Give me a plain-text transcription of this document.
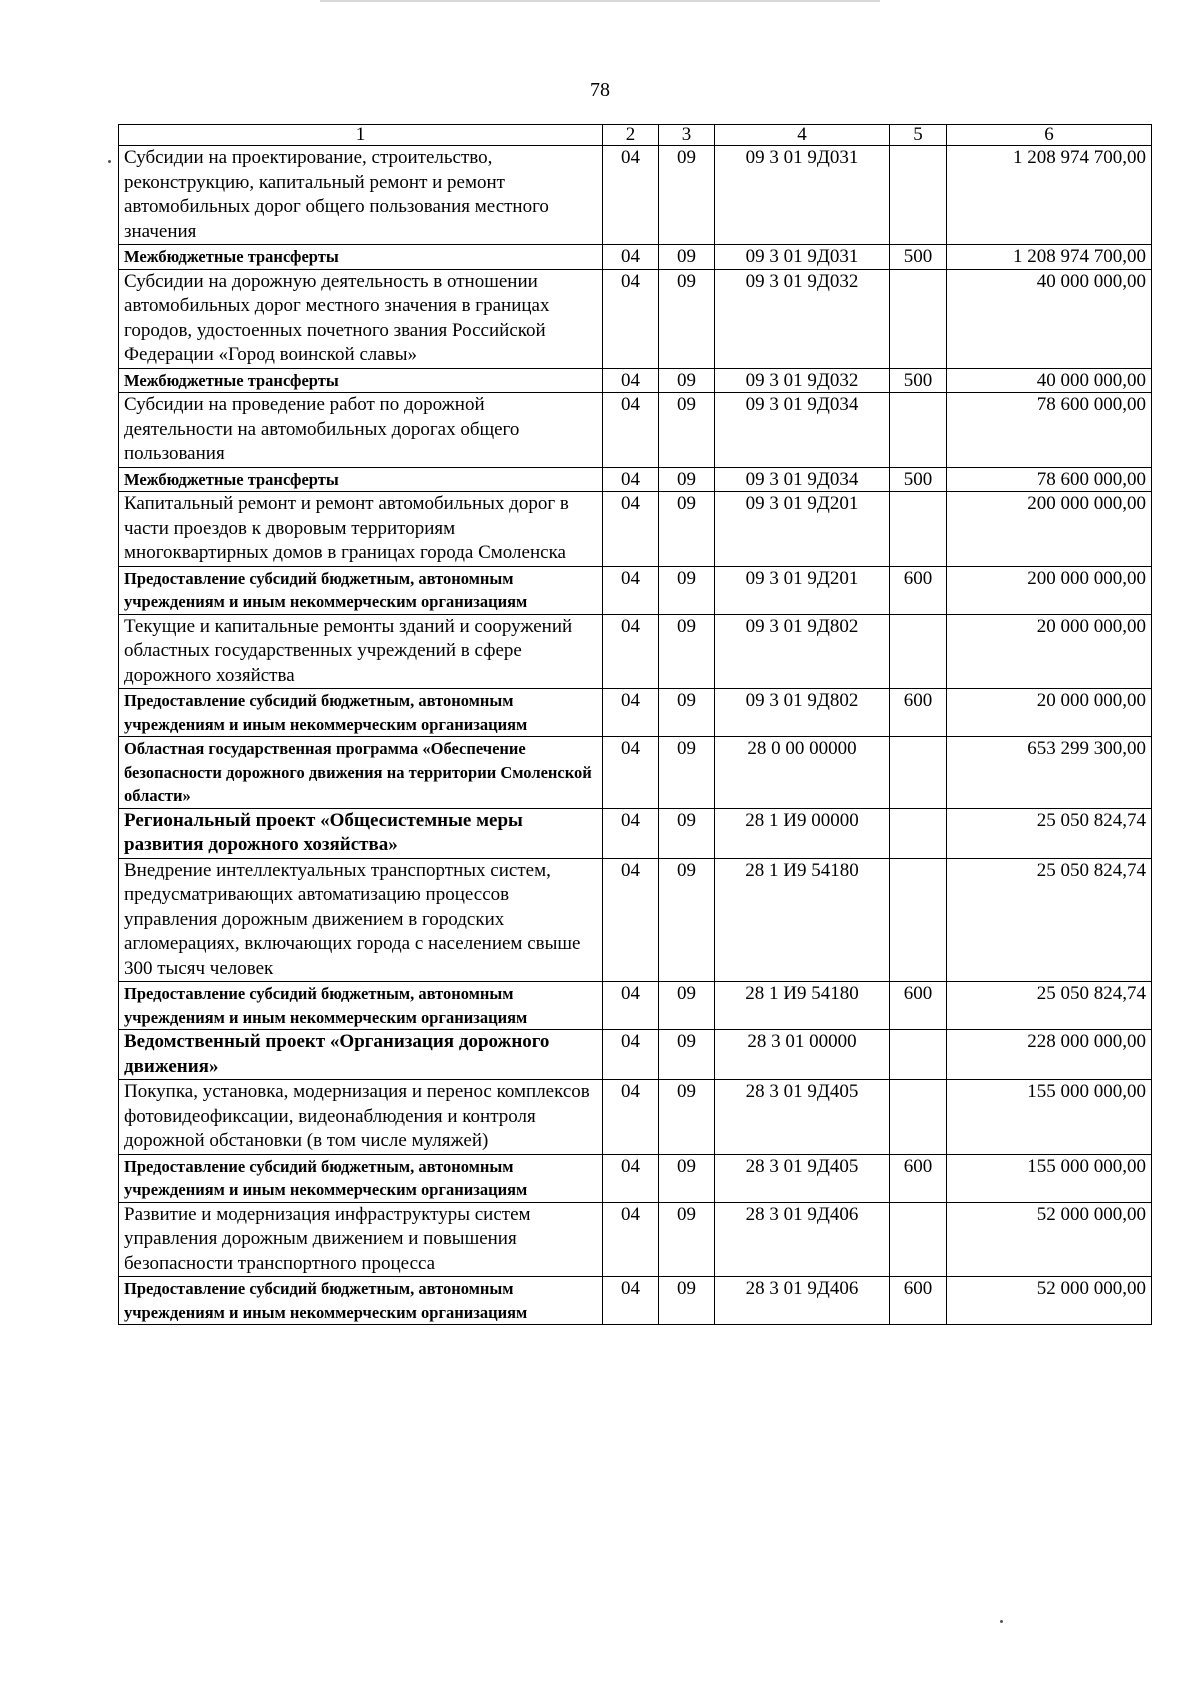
78
1	2	3	4	5	6
Субсидии на проектирование, строительство, реконструкцию, капитальный ремонт и ремонт автомобильных дорог общего пользования местного значения	04	09	09 3 01 9Д031		1 208 974 700,00
Межбюджетные трансферты	04	09	09 3 01 9Д031	500	1 208 974 700,00
Субсидии на дорожную деятельность в отношении автомобильных дорог местного значения в границах городов, удостоенных почетного звания Российской Федерации «Город воинской славы»	04	09	09 3 01 9Д032		40 000 000,00
Межбюджетные трансферты	04	09	09 3 01 9Д032	500	40 000 000,00
Субсидии на проведение работ по дорожной деятельности на автомобильных дорогах общего пользования	04	09	09 3 01 9Д034		78 600 000,00
Межбюджетные трансферты	04	09	09 3 01 9Д034	500	78 600 000,00
Капитальный ремонт и ремонт автомобильных дорог в части проездов к дворовым территориям многоквартирных домов в границах города Смоленска	04	09	09 3 01 9Д201		200 000 000,00
Предоставление субсидий бюджетным, автономным учреждениям и иным некоммерческим организациям	04	09	09 3 01 9Д201	600	200 000 000,00
Текущие и капитальные ремонты зданий и сооружений областных государственных учреждений в сфере дорожного хозяйства	04	09	09 3 01 9Д802		20 000 000,00
Предоставление субсидий бюджетным, автономным учреждениям и иным некоммерческим организациям	04	09	09 3 01 9Д802	600	20 000 000,00
Областная государственная программа «Обеспечение безопасности дорожного движения на территории Смоленской области»	04	09	28 0 00 00000		653 299 300,00
Региональный проект «Общесистемные меры развития дорожного хозяйства»	04	09	28 1 И9 00000		25 050 824,74
Внедрение интеллектуальных транспортных систем, предусматривающих автоматизацию процессов управления дорожным движением в городских агломерациях, включающих города с населением свыше 300 тысяч человек	04	09	28 1 И9 54180		25 050 824,74
Предоставление субсидий бюджетным, автономным учреждениям и иным некоммерческим организациям	04	09	28 1 И9 54180	600	25 050 824,74
Ведомственный проект «Организация дорожного движения»	04	09	28 3 01 00000		228 000 000,00
Покупка, установка, модернизация и перенос комплексов фотовидеофиксации, видеонаблюдения и контроля дорожной обстановки (в том числе муляжей)	04	09	28 3 01 9Д405		155 000 000,00
Предоставление субсидий бюджетным, автономным учреждениям и иным некоммерческим организациям	04	09	28 3 01 9Д405	600	155 000 000,00
Развитие и модернизация инфраструктуры систем управления дорожным движением и повышения безопасности транспортного процесса	04	09	28 3 01 9Д406		52 000 000,00
Предоставление субсидий бюджетным, автономным учреждениям и иным некоммерческим организациям	04	09	28 3 01 9Д406	600	52 000 000,00
